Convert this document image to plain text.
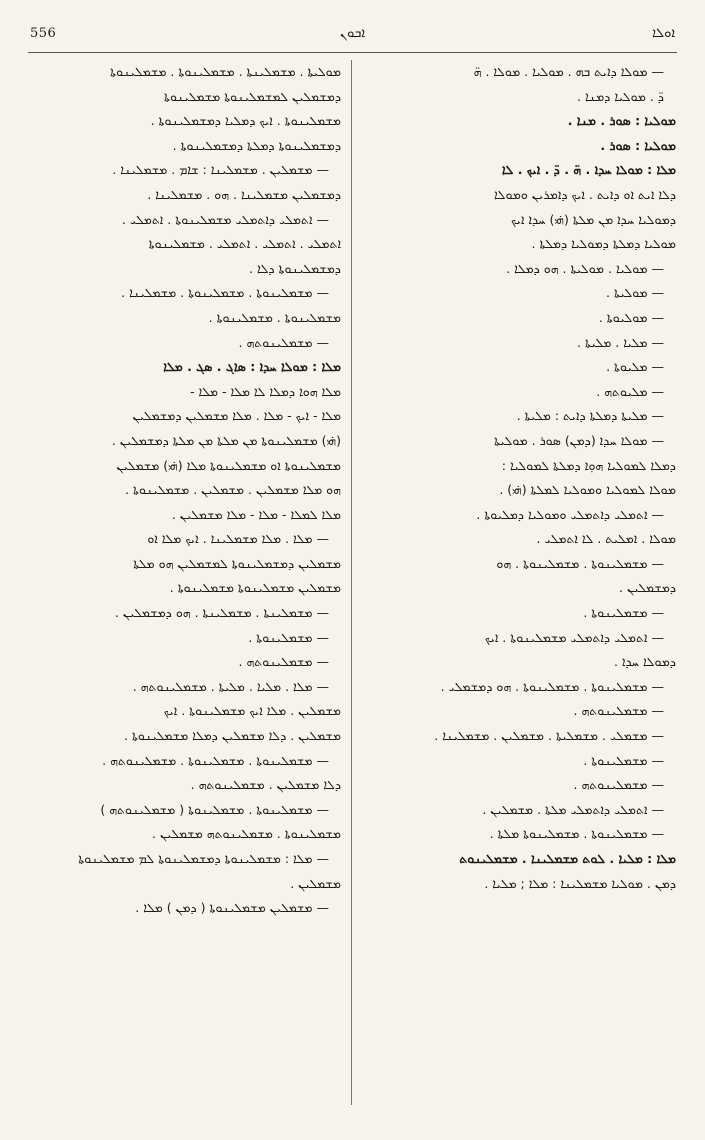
556	ܐܒܘܢ	ܐܘܠܐ
ܡܘܠܝܬܐ . ܡܫܡܠܝܢܬܐ . ܡܫܡܠܝܢܘܬܐ . ܡܫܡܠܝܢܘܬܐ
ܕܡܫܡܠܝܢ ܠܡܫܡܠܝܢܘܬܐ ܡܫܡܠܝܢܘܬܐ
ܡܫܡܠܝܢܘܬܐ . ܐܝܟ ܕܡܠܝܐ ܕܡܫܡܠܝܢܘܬܐ .
ܕܡܫܡܠܝܢܘܬܐ ܕܡܠܬܐ ܕܡܫܡܠܝܢܘܬܐ .
— ܡܫܡܠܝܢ . ܡܫܡܠܝܢܐ : ܫܐܡ . ܡܫܡܠܝܢܐ .
ܕܡܫܡܠܝܢ ܡܫܡܠܝܢܐ . ܗܘ . ܡܫܡܠܝܢܐ .
— ܐܬܡܠܝ ܕܐܬܡܠܝ ܡܫܡܠܝܢܘܬܐ . ܐܬܡܠܝ .
ܐܬܡܠܝ . ܐܬܡܠܝ . ܐܬܡܠܝ . ܡܫܡܠܝܢܘܬܐ
ܕܡܫܡܠܝܢܘܬܐ ܕܠܐ .
— ܡܫܡܠܝܢܘܬܐ . ܡܫܡܠܝܢܘܬܐ . ܡܫܡܠܝܢܐ .
ܡܫܡܠܝܢܘܬܐ . ܡܫܡܠܝܢܘܬܐ .
— ܡܫܡܠܝܢܘܬܗ .
ܡܠܐ : ܡܘܠܐ ܚܕܐ : ܣܐܓ . ܣܓ . ܡܠܐ
ܡܠܐ ܗܘܐ ܕܡܠܐ ܠܐ ܡܠܐ - ܡܠܐ -
ܡܠܐ - ܐܝܟ - ܡܠܐ . ܡܠܐ ܡܫܡܠܝܢ ܕܡܫܡܠܝܢ
(ܗ̇ܝ) ܡܫܡܠܝܢܘܬܐ ܡܢ ܡܠܬܐ ܡܢ ܡܠܬܐ ܕܡܫܡܠܝܢ .
ܡܫܡܠܝܢܘܬܐ ܐܘ ܡܫܡܠܝܢܘܬܐ ܡܠܐ (ܗ̇ܝ) ܡܫܡܠܝܢ
ܗܘ ܡܠܐ ܡܫܡܠܝܢ . ܡܫܡܠܝܢ . ܡܫܡܠܝܢܘܬܐ .
ܡܠܐ ܠܡܠܐ - ܡܠܐ - ܡܠܐ ܡܫܡܠܝܢ .
— ܡܠܐ . ܡܠܐ ܡܫܡܠܝܢܐ . ܐܝܟ ܡܠܐ ܐܘ
ܡܫܡܠܝܢ ܕܡܫܡܠܝܢܘܬܐ ܠܡܫܡܠܝܢ ܗܘ ܡܠܬܐ
ܡܫܡܠܝܢ ܡܫܡܠܝܢܘܬܐ ܡܫܡܠܝܢܘܬܐ .
— ܡܫܡܠܝܢܬܐ . ܡܫܡܠܝܢܬܐ . ܗܘ ܕܡܫܡܠܝܢ .
— ܡܫܡܠܝܢܘܬܐ .
— ܡܫܡܠܝܢܘܬܗ .
— ܡܠܐ . ܡܠܝܐ . ܡܠܝܬܐ . ܡܫܡܠܝܢܘܬܗ .
ܡܫܡܠܝܢ . ܡܠܐ ܐܝܟ ܡܫܡܠܝܢܘܬܐ . ܐܝܟ
ܡܫܡܠܝܢ . ܕܠܐ ܡܫܡܠܝܢ ܕܡܠܐ ܡܫܡܠܝܢܘܬܐ .
— ܡܫܡܠܝܢܘܬܐ . ܡܫܡܠܝܢܘܬܐ . ܡܫܡܠܝܢܘܬܗ .
ܕܠܐ ܡܫܡܠܝܢ . ܡܫܡܠܝܢܘܬܗ .
— ܡܫܡܠܝܢܘܬܐ . ܡܫܡܠܝܢܘܬܐ ( ܡܫܡܠܝܢܘܬܗ )
ܡܫܡܠܝܢܘܬܐ . ܡܫܡܠܝܢܘܬܗ ܡܫܡܠܝܢ .
— ܡܠܐ : ܡܫܡܠܝܢܘܬܐ ܕܡܫܡܠܝܢܘܬܐ ܠܡ ܡܫܡܠܝܢܘܬܐ
ܡܫܡܠܝܢ .
— ܡܫܡܠܝܢ ܡܫܡܠܝܢܘܬܐ ( ܕܡܢ ) ܡܠܐ .
— ܡܘܠܐ ܕܐܝܬ ܒܗ . ܡܘܠܝܐ . ܡܘܠܐ . ܗ̈
ܕ̈ . ܡܘܠܝܐ ܕܡܢܐ .
ܡܘܠܝܐ : ܣܘܪ . ܡܢܐ .
ܡܘܠܝܐ : ܣܘܪ .
ܡܠܐ : ܡܘܠܐ ܚܕܐ . ܗ̈ . ܕ̈ . ܐܝܟ . ܠܐ
ܕܠܐ ܐܝܬ ܐܘ ܕܐܝܬ . ܐܝܟ ܕܐܡܪܝܢ ܘܡܘܠܐ
ܕܡܘܠܝܐ ܚܕܐ ܡܢ ܡܠܬܐ (ܗ̇ܝ) ܚܕܐ ܐܝܟ
ܡܘܠܝܐ ܕܡܠܬܐ ܕܡܘܠܝܐ ܕܡܠܬܐ .
— ܡܘܠܝܐ . ܡܘܠܝܬܐ . ܗܘ ܕܡܠܐ .
— ܡܘܠܝܬܐ .
— ܡܘܠܝܘܬܐ .
— ܡܠܝܐ . ܡܠܝܬܐ .
— ܡܠܝܘܬܐ .
— ܡܠܝܘܬܗ .
— ܡܠܝܬܐ ܕܡܠܬܐ ܕܐܝܬ : ܡܠܝܬܐ .
— ܡܘܠܐ ܚܕܐ (ܕܡܢ) ܣܘܪ . ܡܘܠܝܬܐ
ܕܡܠܐ ܠܡܘܠܝܐ ܗܘ̣ܐ ܕܡܠܬܐ ܠܡܘܠܝܐ :
ܡܘܠܐ ܠܡܘܠܝܐ ܘܡܘܠܝܐ ܠܡܠܬܐ (ܗ̇ܝ) .
— ܐܬܡܠܝ ܕܐܬܡܠܝ ܘܡܘܠܝܐ ܕܡܠܝܘܬܐ .
ܡܘܠܐ . ܐܡܠܝܬ . ܠܐ ܐܬܡܠܝ .
— ܡܫܡܠܝܢܘܬܐ . ܡܫܡܠܝܢܘܬܐ . ܗܘ
ܕܡܫܡܠܝܢ .
— ܡܫܡܠܝܢܘܬܐ .
— ܐܬܡܠܝ ܕܐܬܡܠܝ ܡܫܡܠܝܢܘܬܐ . ܐܝܟ
ܕܡܘܠܐ ܚܕܐ .
— ܡܫܡܠܝܢܘܬܐ . ܡܫܡܠܝܢܘܬܐ . ܗܘ ܕܡܫܡܠܝ .
— ܡܫܡܠܝܢܘܬܗ .
— ܡܫܡܠܝ . ܡܫܡܠܝܬܐ . ܡܫܡܠܝܢ . ܡܫܡܠܝܢܐ .
— ܡܫܡܠܝܢܘܬܐ .
— ܡܫܡܠܝܢܘܬܗ .
— ܐܬܡܠܝ ܕܐܬܡܠܝ ܡܠܬܐ . ܡܫܡܠܝܢ .
— ܡܫܡܠܝܢܘܬܐ . ܡܫܡܠܝܢܘܬܐ ܡܠܬܐ .
ܡܠܐ : ܡܠܝܐ . ܠܘܬ ܡܫܡܠܝܢܐ . ܡܫܡܠܝܢܘܬ
ܕܡܢ . ܡܘܠܝܐ ܡܫܡܠܝܢܐ : ܡܠܐ ; ܡܠܝܐ .
